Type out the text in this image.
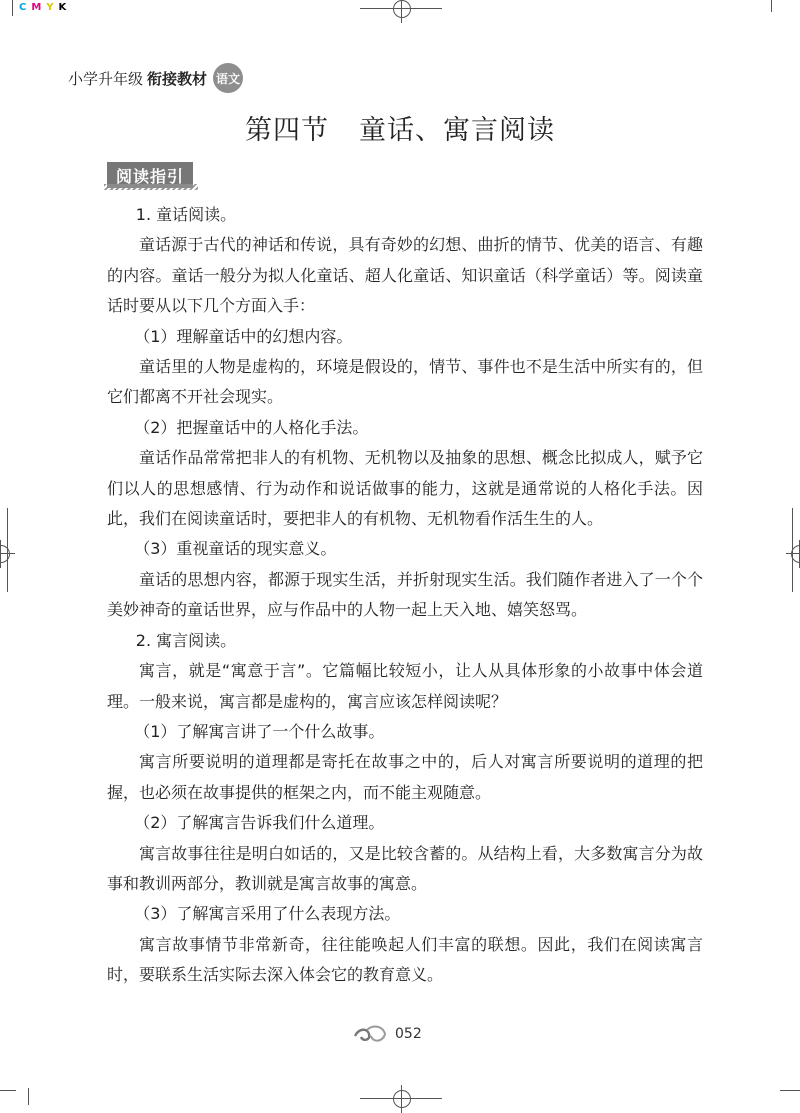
C M Y K
小学升年级 衔接教材 语文
第四节 童话、寓言阅读
阅读指引

1. 童话阅读。

童话源于古代的神话和传说，具有奇妙的幻想、曲折的情节、优美的语言、有趣的内容。童话一般分为拟人化童话、超人化童话、知识童话（科学童话）等。阅读童话时要从以下几个方面入手：

（1）理解童话中的幻想内容。

童话里的人物是虚构的，环境是假设的，情节、事件也不是生活中所实有的，但它们都离不开社会现实。

（2）把握童话中的人格化手法。

童话作品常常把非人的有机物、无机物以及抽象的思想、概念比拟成人，赋予它们以人的思想感情、行为动作和说话做事的能力，这就是通常说的人格化手法。因此，我们在阅读童话时，要把非人的有机物、无机物看作活生生的人。

（3）重视童话的现实意义。

童话的思想内容，都源于现实生活，并折射现实生活。我们随作者进入了一个个美妙神奇的童话世界，应与作品中的人物一起上天入地、嬉笑怒骂。

2. 寓言阅读。

寓言，就是“寓意于言”。它篇幅比较短小，让人从具体形象的小故事中体会道理。一般来说，寓言都是虚构的，寓言应该怎样阅读呢？

（1）了解寓言讲了一个什么故事。

寓言所要说明的道理都是寄托在故事之中的，后人对寓言所要说明的道理的把握，也必须在故事提供的框架之内，而不能主观随意。

（2）了解寓言告诉我们什么道理。

寓言故事往往是明白如话的，又是比较含蓄的。从结构上看，大多数寓言分为故事和教训两部分，教训就是寓言故事的寓意。

（3）了解寓言采用了什么表现方法。

寓言故事情节非常新奇，往往能唤起人们丰富的联想。因此，我们在阅读寓言时，要联系生活实际去深入体会它的教育意义。

052
